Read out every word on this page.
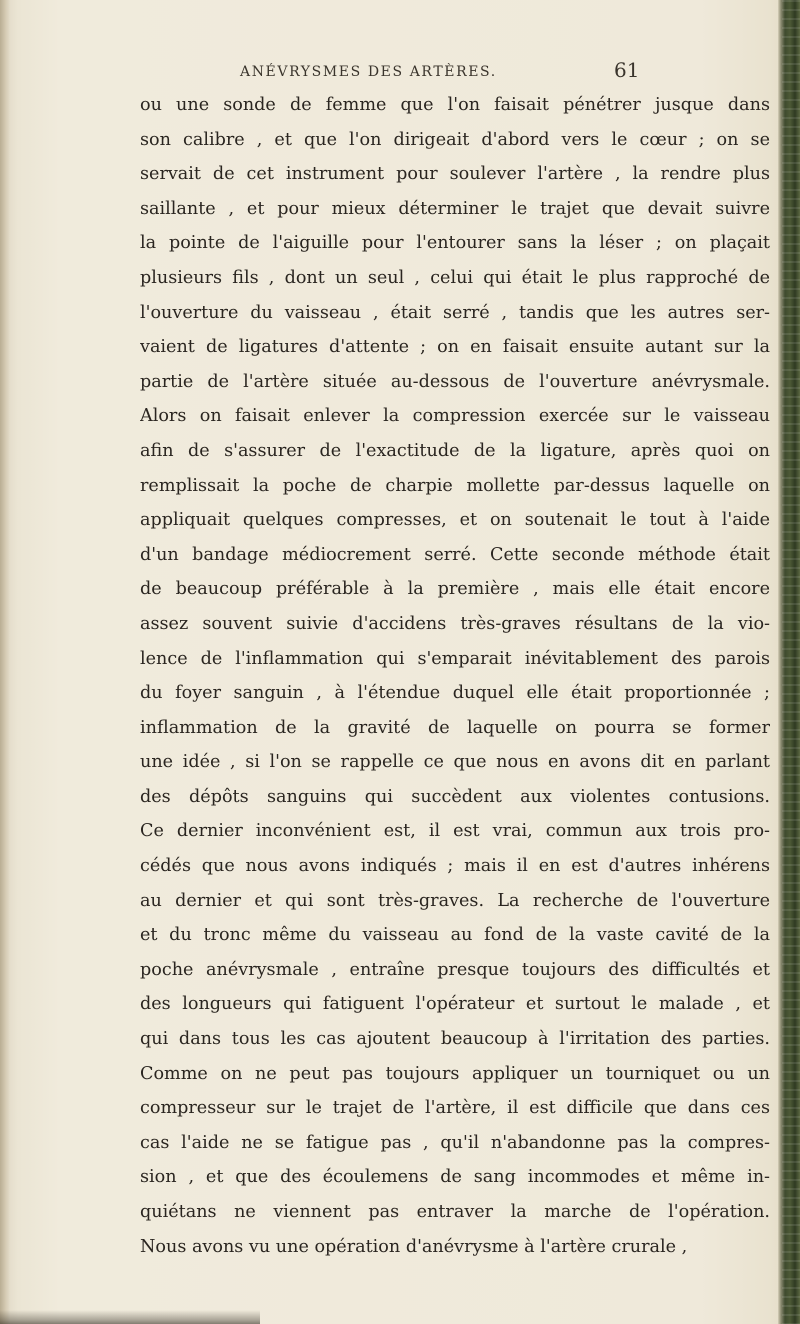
ANÉVRYSMES DES ARTÈRES.	61
ou une sonde de femme que l'on faisait pénétrer jusque dans
son calibre , et que l'on dirigeait d'abord vers le cœur ; on se
servait de cet instrument pour soulever l'artère , la rendre plus
saillante , et pour mieux déterminer le trajet que devait suivre
la pointe de l'aiguille pour l'entourer sans la léser ; on plaçait
plusieurs fils , dont un seul , celui qui était le plus rapproché de
l'ouverture du vaisseau , était serré , tandis que les autres ser-
vaient de ligatures d'attente ; on en faisait ensuite autant sur la
partie de l'artère située au-dessous de l'ouverture anévrysmale.
Alors on faisait enlever la compression exercée sur le vaisseau
afin de s'assurer de l'exactitude de la ligature, après quoi on
remplissait la poche de charpie mollette par-dessus laquelle on
appliquait quelques compresses, et on soutenait le tout à l'aide
d'un bandage médiocrement serré. Cette seconde méthode était
de beaucoup préférable à la première , mais elle était encore
assez souvent suivie d'accidens très-graves résultans de la vio-
lence de l'inflammation qui s'emparait inévitablement des parois
du foyer sanguin , à l'étendue duquel elle était proportionnée ;
inflammation de la gravité de laquelle on pourra se former
une idée , si l'on se rappelle ce que nous en avons dit en parlant
des dépôts sanguins qui succèdent aux violentes contusions.
Ce dernier inconvénient est, il est vrai, commun aux trois pro-
cédés que nous avons indiqués ; mais il en est d'autres inhérens
au dernier et qui sont très-graves. La recherche de l'ouverture
et du tronc même du vaisseau au fond de la vaste cavité de la
poche anévrysmale , entraîne presque toujours des difficultés et
des longueurs qui fatiguent l'opérateur et surtout le malade , et
qui dans tous les cas ajoutent beaucoup à l'irritation des parties.
Comme on ne peut pas toujours appliquer un tourniquet ou un
compresseur sur le trajet de l'artère, il est difficile que dans ces
cas l'aide ne se fatigue pas , qu'il n'abandonne pas la compres-
sion , et que des écoulemens de sang incommodes et même in-
quiétans ne viennent pas entraver la marche de l'opération.
Nous avons vu une opération d'anévrysme à l'artère crurale ,
